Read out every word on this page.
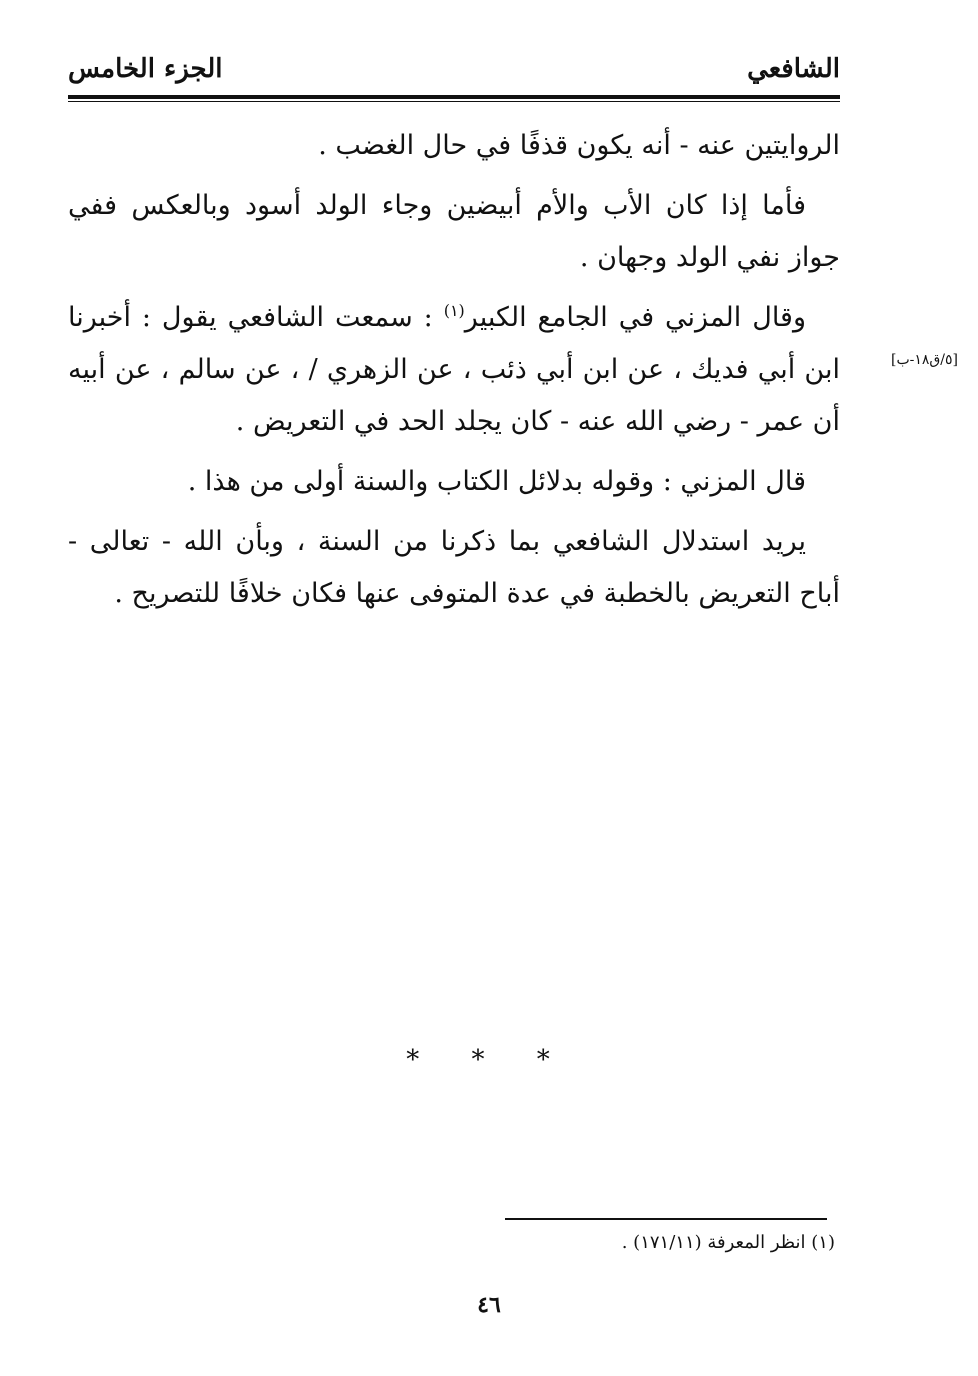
الشافعي
الجزء الخامس

الروايتين عنه - أنه يكون قذفًا في حال الغضب .

فأما إذا كان الأب والأم أبيضين وجاء الولد أسود وبالعكس ففي جواز نفي الولد وجهان .

وقال المزني في الجامع الكبير$^{(١)}$ : سمعت الشافعي يقول : أخبرنا ابن أبي فديك ، عن ابن أبي ذئب ، عن الزهري / ، عن سالم ، عن أبيه أن عمر - رضي الله عنه - كان يجلد الحد في التعريض .

قال المزني : وقوله بدلائل الكتاب والسنة أولى من هذا .

يريد استدلال الشافعي بما ذكرنا من السنة ، وبأن الله - تعالى - أباح التعريض بالخطبة في عدة المتوفى عنها فكان خلافًا للتصريح .

[٥/ق١٨-ب]
* * *
(١) انظر المعرفة (١٧١/١١) .
٤٦
